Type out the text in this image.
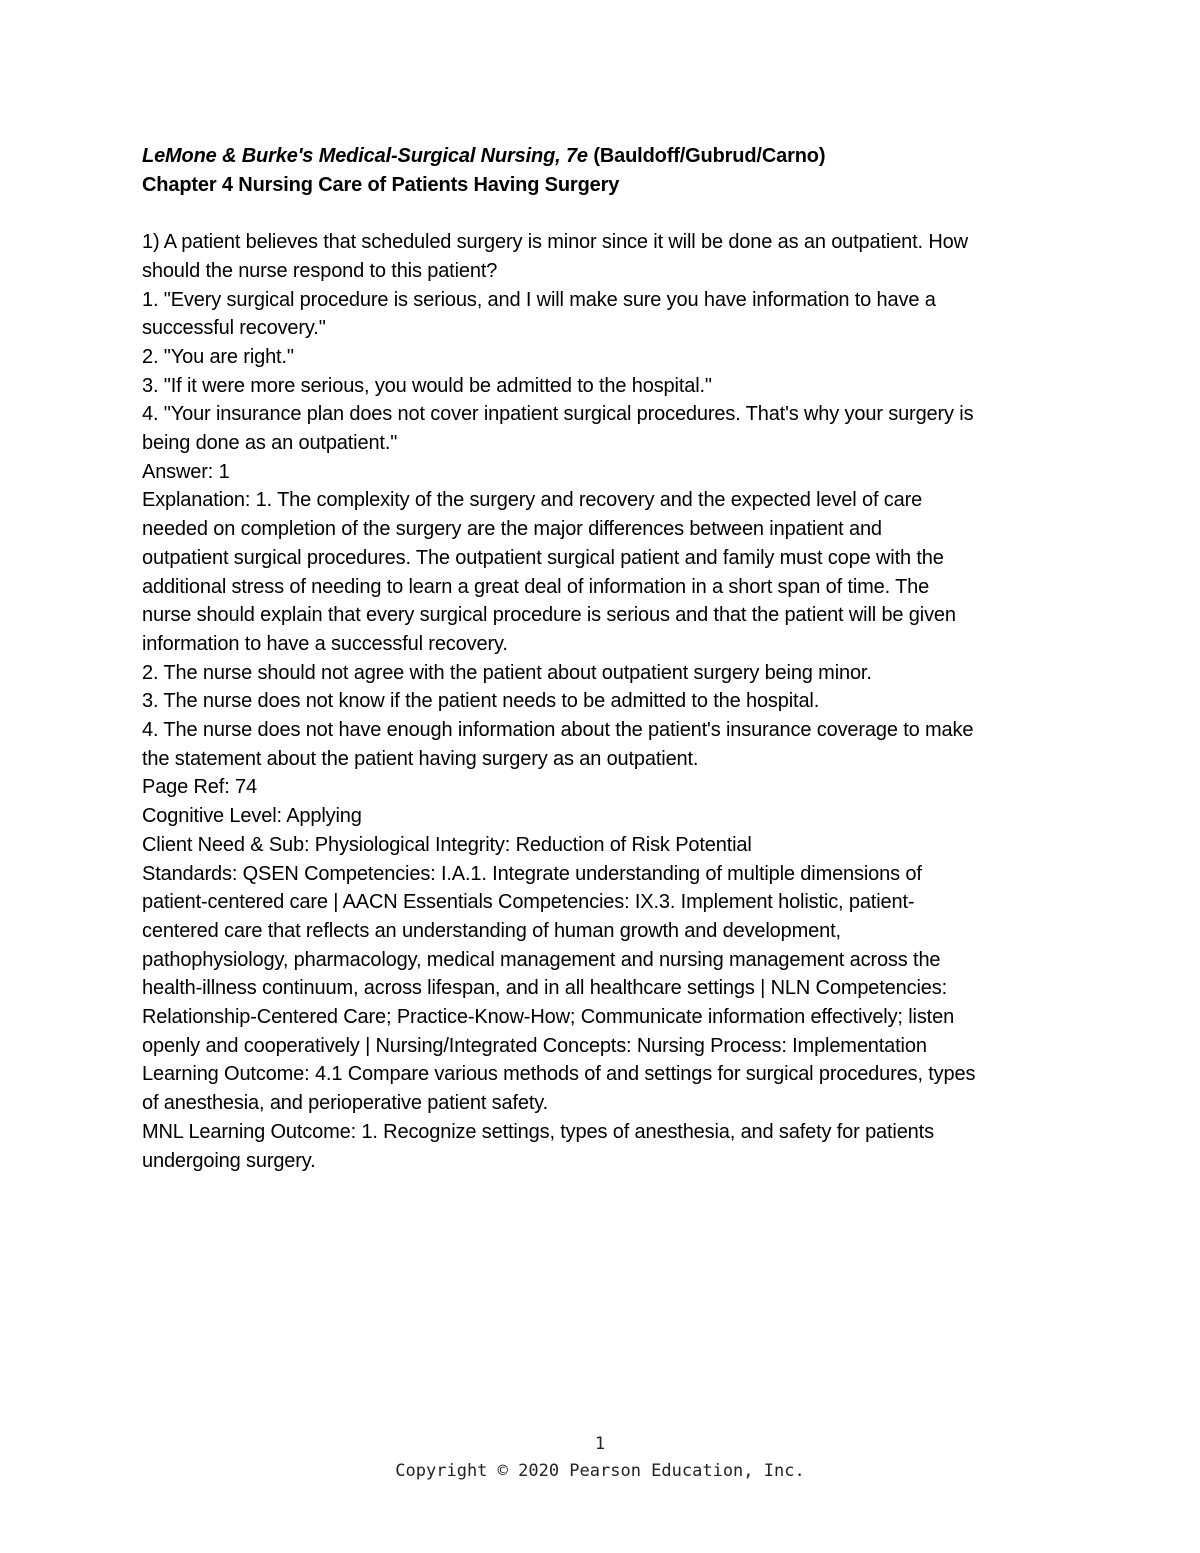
LeMone & Burke's Medical-Surgical Nursing, 7e (Bauldoff/Gubrud/Carno)
Chapter 4 Nursing Care of Patients Having Surgery
1) A patient believes that scheduled surgery is minor since it will be done as an outpatient. How
should the nurse respond to this patient?
1. "Every surgical procedure is serious, and I will make sure you have information to have a
successful recovery."
2. "You are right."
3. "If it were more serious, you would be admitted to the hospital."
4. "Your insurance plan does not cover inpatient surgical procedures. That's why your surgery is
being done as an outpatient."
Answer: 1
Explanation: 1. The complexity of the surgery and recovery and the expected level of care
needed on completion of the surgery are the major differences between inpatient and
outpatient surgical procedures. The outpatient surgical patient and family must cope with the
additional stress of needing to learn a great deal of information in a short span of time. The
nurse should explain that every surgical procedure is serious and that the patient will be given
information to have a successful recovery.
2. The nurse should not agree with the patient about outpatient surgery being minor.
3. The nurse does not know if the patient needs to be admitted to the hospital.
4. The nurse does not have enough information about the patient's insurance coverage to make
the statement about the patient having surgery as an outpatient.
Page Ref: 74
Cognitive Level: Applying
Client Need & Sub: Physiological Integrity: Reduction of Risk Potential
Standards: QSEN Competencies: I.A.1. Integrate understanding of multiple dimensions of
patient-centered care | AACN Essentials Competencies: IX.3. Implement holistic, patient-
centered care that reflects an understanding of human growth and development,
pathophysiology, pharmacology, medical management and nursing management across the
health-illness continuum, across lifespan, and in all healthcare settings | NLN Competencies:
Relationship-Centered Care; Practice-Know-How; Communicate information effectively; listen
openly and cooperatively | Nursing/Integrated Concepts: Nursing Process: Implementation
Learning Outcome: 4.1 Compare various methods of and settings for surgical procedures, types
of anesthesia, and perioperative patient safety.
MNL Learning Outcome: 1. Recognize settings, types of anesthesia, and safety for patients
undergoing surgery.
1
Copyright © 2020 Pearson Education, Inc.
